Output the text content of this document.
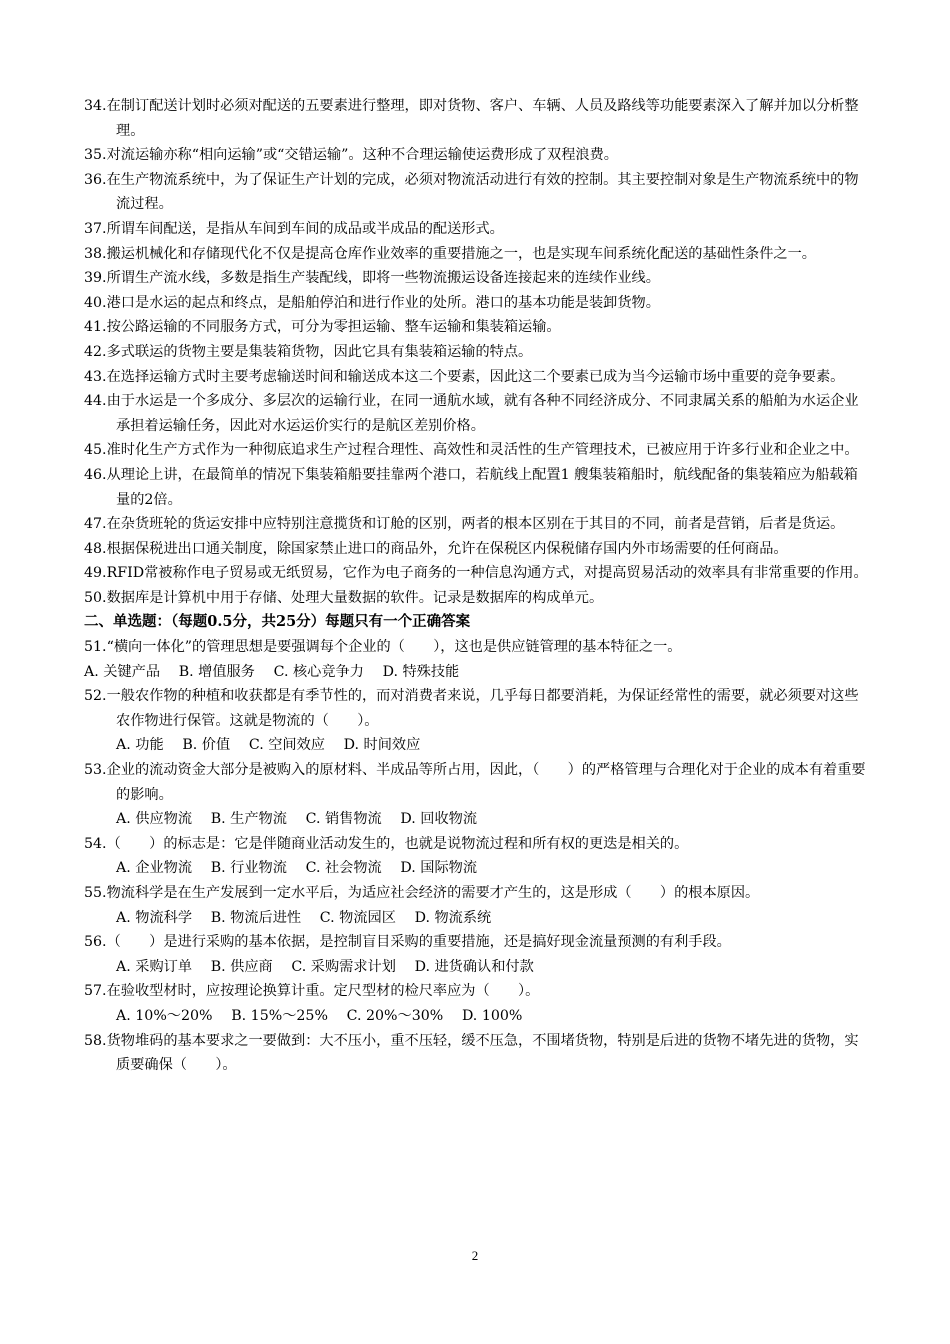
34.在制订配送计划时必须对配送的五要素进行整理，即对货物、客户、车辆、人员及路线等功能要素深入了解并加以分析整理。
35.对流运输亦称“相向运输”或“交错运输”。这种不合理运输使运费形成了双程浪费。
36.在生产物流系统中，为了保证生产计划的完成，必须对物流活动进行有效的控制。其主要控制对象是生产物流系统中的物流过程。
37.所谓车间配送，是指从车间到车间的成品或半成品的配送形式。
38.搬运机械化和存储现代化不仅是提高仓库作业效率的重要措施之一，也是实现车间系统化配送的基础性条件之一。
39.所谓生产流水线，多数是指生产装配线，即将一些物流搬运设备连接起来的连续作业线。
40.港口是水运的起点和终点，是船舶停泊和进行作业的处所。港口的基本功能是装卸货物。
41.按公路运输的不同服务方式，可分为零担运输、整车运输和集装箱运输。
42.多式联运的货物主要是集装箱货物，因此它具有集装箱运输的特点。
43.在选择运输方式时主要考虑输送时间和输送成本这二个要素，因此这二个要素已成为当今运输市场中重要的竞争要素。
44.由于水运是一个多成分、多层次的运输行业，在同一通航水域，就有各种不同经济成分、不同隶属关系的船舶为水运企业承担着运输任务，因此对水运运价实行的是航区差别价格。
45.准时化生产方式作为一种彻底追求生产过程合理性、高效性和灵活性的生产管理技术，已被应用于许多行业和企业之中。
46.从理论上讲，在最简单的情况下集装箱船要挂靠两个港口，若航线上配置1 艘集装箱船时，航线配备的集装箱应为船载箱量的2倍。
47.在杂货班轮的货运安排中应特别注意揽货和订舱的区别，两者的根本区别在于其目的不同，前者是营销，后者是货运。
48.根据保税进出口通关制度，除国家禁止进口的商品外，允许在保税区内保税储存国内外市场需要的任何商品。
49.RFID常被称作电子贸易或无纸贸易，它作为电子商务的一种信息沟通方式，对提高贸易活动的效率具有非常重要的作用。
50.数据库是计算机中用于存储、处理大量数据的软件。记录是数据库的构成单元。
二、单选题：（每题0.5分，共25分）每题只有一个正确答案
51.“横向一体化”的管理思想是要强调每个企业的（　　），这也是供应链管理的基本特征之一。
A. 关键产品　 B. 增值服务　 C. 核心竞争力　 D. 特殊技能
52.一般农作物的种植和收获都是有季节性的，而对消费者来说，几乎每日都要消耗，为保证经常性的需要，就必须要对这些农作物进行保管。这就是物流的（　　）。
A. 功能　 B. 价值　 C. 空间效应　 D. 时间效应
53.企业的流动资金大部分是被购入的原材料、半成品等所占用，因此，（　　）的严格管理与合理化对于企业的成本有着重要的影响。
A. 供应物流　 B. 生产物流　 C. 销售物流　 D. 回收物流
54.（　　）的标志是：它是伴随商业活动发生的，也就是说物流过程和所有权的更迭是相关的。
A. 企业物流　 B. 行业物流　 C. 社会物流　 D. 国际物流
55.物流科学是在生产发展到一定水平后，为适应社会经济的需要才产生的，这是形成（　　）的根本原因。
A. 物流科学　 B. 物流后进性　 C. 物流园区　 D. 物流系统
56.（　　）是进行采购的基本依据，是控制盲目采购的重要措施，还是搞好现金流量预测的有利手段。
A. 采购订单　 B. 供应商　 C. 采购需求计划　 D. 进货确认和付款
57.在验收型材时，应按理论换算计重。定尺型材的检尺率应为（　　）。
A. 10%～20%　 B. 15%～25%　 C. 20%～30%　 D. 100%
58.货物堆码的基本要求之一要做到：大不压小，重不压轻，缓不压急，不围堵货物，特别是后进的货物不堵先进的货物，实质要确保（　　）。
2
